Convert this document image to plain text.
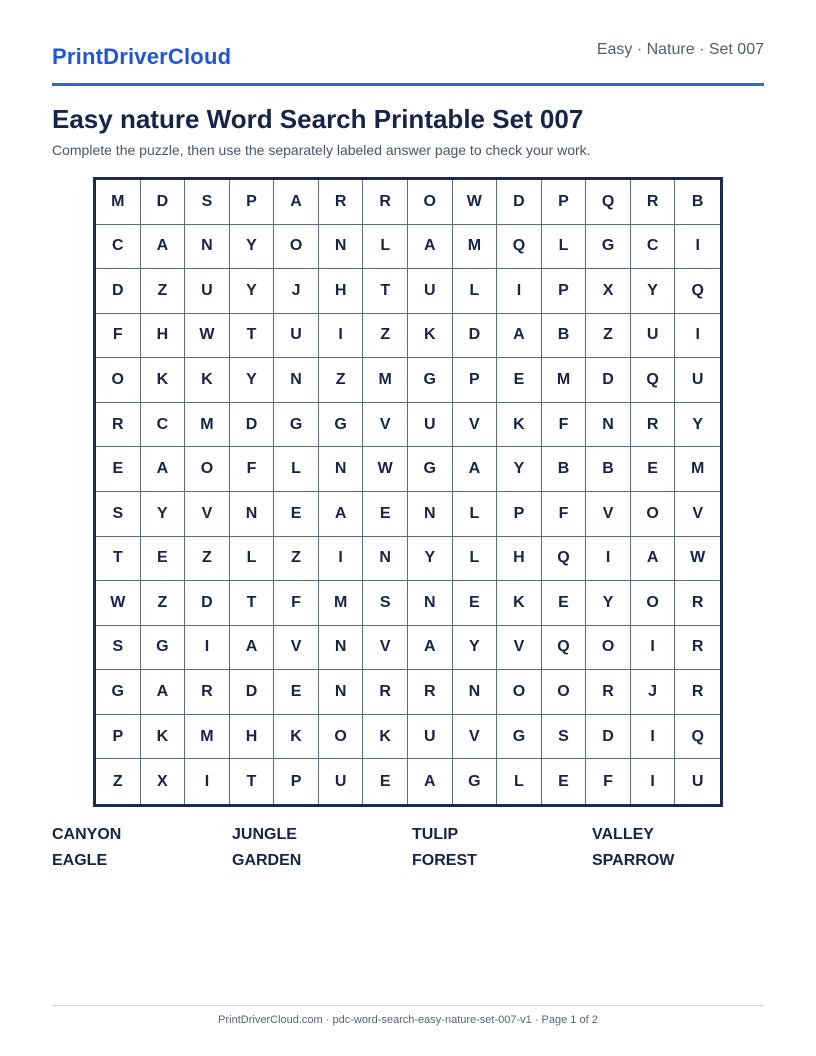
PrintDriverCloud	Easy · Nature · Set 007
Easy nature Word Search Printable Set 007

Complete the puzzle, then use the separately labeled answer page to check your work.

M	D	S	P	A	R	R	O	W	D	P	Q	R	B
C	A	N	Y	O	N	L	A	M	Q	L	G	C	I
D	Z	U	Y	J	H	T	U	L	I	P	X	Y	Q
F	H	W	T	U	I	Z	K	D	A	B	Z	U	I
O	K	K	Y	N	Z	M	G	P	E	M	D	Q	U
R	C	M	D	G	G	V	U	V	K	F	N	R	Y
E	A	O	F	L	N	W	G	A	Y	B	B	E	M
S	Y	V	N	E	A	E	N	L	P	F	V	O	V
T	E	Z	L	Z	I	N	Y	L	H	Q	I	A	W
W	Z	D	T	F	M	S	N	E	K	E	Y	O	R
S	G	I	A	V	N	V	A	Y	V	Q	O	I	R
G	A	R	D	E	N	R	R	N	O	O	R	J	R
P	K	M	H	K	O	K	U	V	G	S	D	I	Q
Z	X	I	T	P	U	E	A	G	L	E	F	I	U
CANYON	JUNGLE	TULIP	VALLEY
EAGLE	GARDEN	FOREST	SPARROW
PrintDriverCloud.com · pdc-word-search-easy-nature-set-007-v1 · Page 1 of 2
